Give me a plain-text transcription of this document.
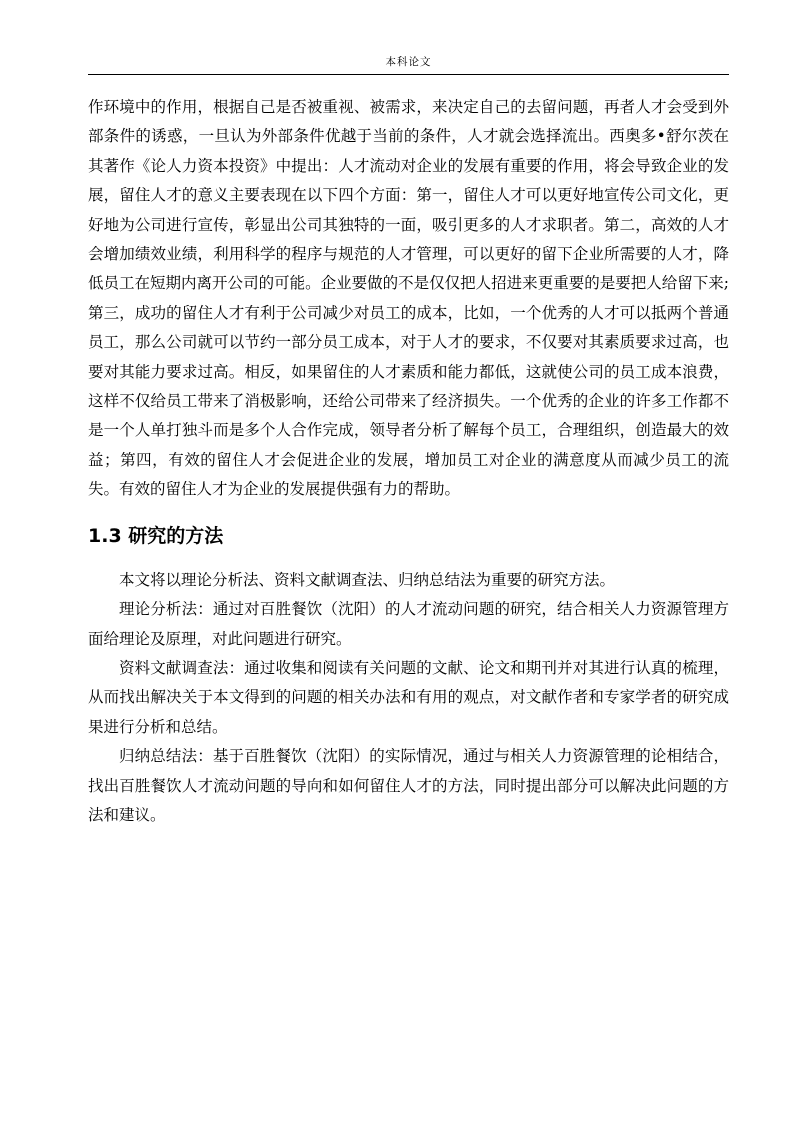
本科论文

作环境中的作用，根据自己是否被重视、被需求，来决定自己的去留问题，再者人才会受到外部条件的诱惑，一旦认为外部条件优越于当前的条件，人才就会选择流出。西奥多•舒尔茨在其著作《论人力资本投资》中提出：人才流动对企业的发展有重要的作用，将会导致企业的发展，留住人才的意义主要表现在以下四个方面：第一，留住人才可以更好地宣传公司文化，更好地为公司进行宣传，彰显出公司其独特的一面，吸引更多的人才求职者。第二，高效的人才会增加绩效业绩，利用科学的程序与规范的人才管理，可以更好的留下企业所需要的人才，降低员工在短期内离开公司的可能。企业要做的不是仅仅把人招进来更重要的是要把人给留下来;第三，成功的留住人才有利于公司减少对员工的成本，比如，一个优秀的人才可以抵两个普通员工，那么公司就可以节约一部分员工成本，对于人才的要求，不仅要对其素质要求过高，也要对其能力要求过高。相反，如果留住的人才素质和能力都低，这就使公司的员工成本浪费，这样不仅给员工带来了消极影响，还给公司带来了经济损失。一个优秀的企业的许多工作都不是一个人单打独斗而是多个人合作完成，领导者分析了解每个员工，合理组织，创造最大的效益；第四，有效的留住人才会促进企业的发展，增加员工对企业的满意度从而减少员工的流失。有效的留住人才为企业的发展提供强有力的帮助。

1.3 研究的方法

本文将以理论分析法、资料文献调查法、归纳总结法为重要的研究方法。

理论分析法：通过对百胜餐饮（沈阳）的人才流动问题的研究，结合相关人力资源管理方面给理论及原理，对此问题进行研究。

资料文献调查法：通过收集和阅读有关问题的文献、论文和期刊并对其进行认真的梳理，从而找出解决关于本文得到的问题的相关办法和有用的观点，对文献作者和专家学者的研究成果进行分析和总结。

归纳总结法：基于百胜餐饮（沈阳）的实际情况，通过与相关人力资源管理的论相结合，找出百胜餐饮人才流动问题的导向和如何留住人才的方法，同时提出部分可以解决此问题的方法和建议。
